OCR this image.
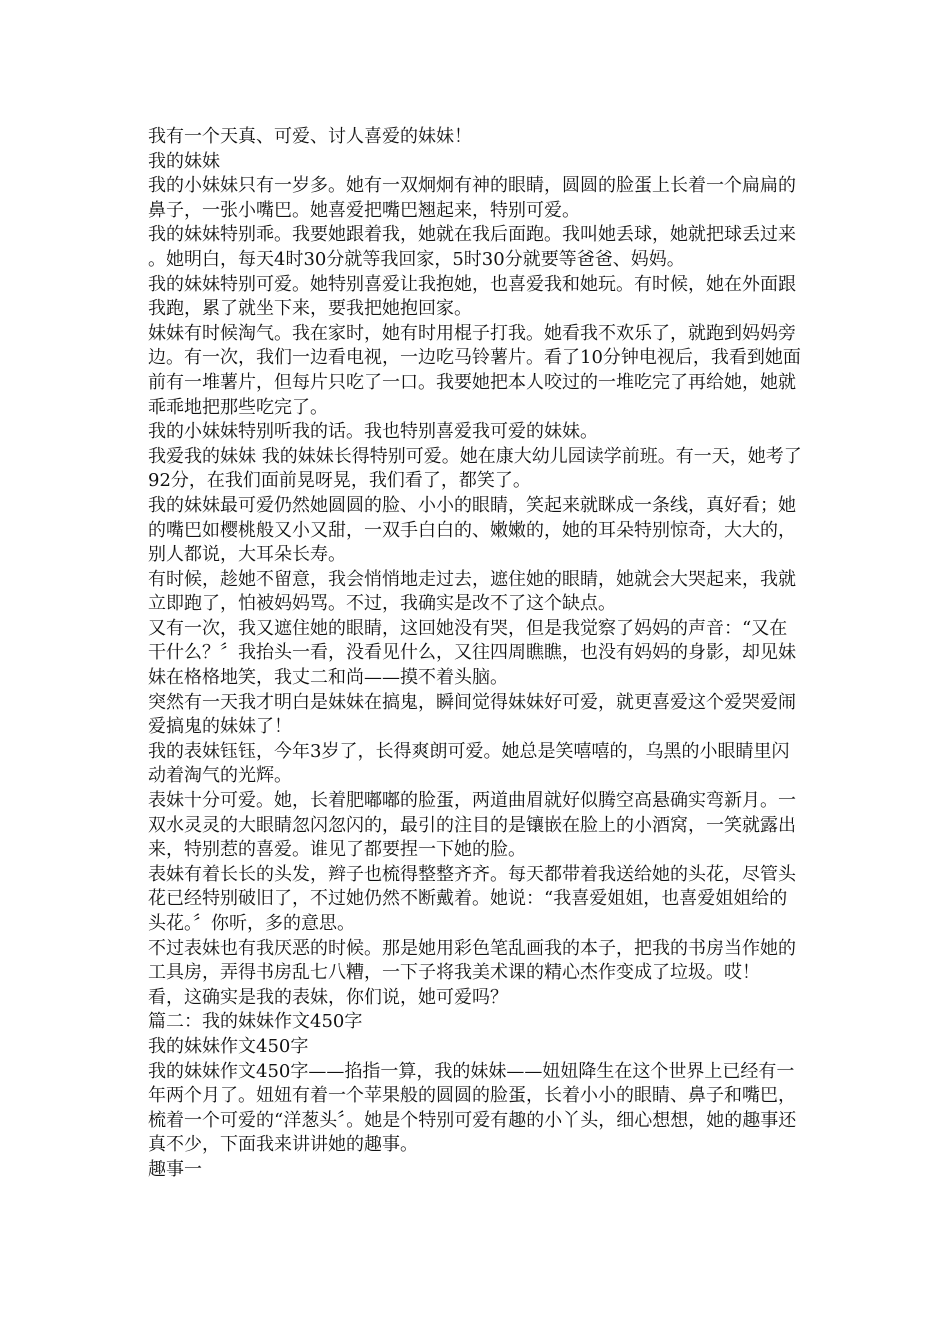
我有一个天真、可爱、讨人喜爱的妹妹！

我的妹妹

我的小妹妹只有一岁多。她有一双炯炯有神的眼睛，圆圆的脸蛋上长着一个扁扁的鼻子，一张小嘴巴。她喜爱把嘴巴翘起来，特别可爱。

我的妹妹特别乖。我要她跟着我，她就在我后面跑。我叫她丢球，她就把球丢过来。她明白，每天4时30分就等我回家，5时30分就要等爸爸、妈妈。

我的妹妹特别可爱。她特别喜爱让我抱她，也喜爱我和她玩。有时候，她在外面跟我跑，累了就坐下来，要我把她抱回家。

妹妹有时候淘气。我在家时，她有时用棍子打我。她看我不欢乐了，就跑到妈妈旁边。有一次，我们一边看电视，一边吃马铃薯片。看了10分钟电视后，我看到她面前有一堆薯片，但每片只吃了一口。我要她把本人咬过的一堆吃完了再给她，她就乖乖地把那些吃完了。

我的小妹妹特别听我的话。我也特别喜爱我可爱的妹妹。

我爱我的妹妹 我的妹妹长得特别可爱。她在康大幼儿园读学前班。有一天，她考了92分，在我们面前晃呀晃，我们看了，都笑了。

我的妹妹最可爱仍然她圆圆的脸、小小的眼睛，笑起来就眯成一条线，真好看；她的嘴巴如樱桃般又小又甜，一双手白白的、嫩嫩的，她的耳朵特别惊奇，大大的，别人都说，大耳朵长寿。

有时候，趁她不留意，我会悄悄地走过去，遮住她的眼睛，她就会大哭起来，我就立即跑了，怕被妈妈骂。不过，我确实是改不了这个缺点。

又有一次，我又遮住她的眼睛，这回她没有哭，但是我觉察了妈妈的声音：“又在干什么？〞我抬头一看，没看见什么，又往四周瞧瞧，也没有妈妈的身影，却见妹妹在格格地笑，我丈二和尚——摸不着头脑。

突然有一天我才明白是妹妹在搞鬼，瞬间觉得妹妹好可爱，就更喜爱这个爱哭爱闹爱搞鬼的妹妹了！

我的表妹钰钰，今年3岁了，长得爽朗可爱。她总是笑嘻嘻的，乌黑的小眼睛里闪动着淘气的光辉。

表妹十分可爱。她，长着肥嘟嘟的脸蛋，两道曲眉就好似腾空高悬确实弯新月。一双水灵灵的大眼睛忽闪忽闪的，最引的注目的是镶嵌在脸上的小酒窝，一笑就露出来，特别惹的喜爱。谁见了都要捏一下她的脸。

表妹有着长长的头发，辫子也梳得整整齐齐。每天都带着我送给她的头花，尽管头花已经特别破旧了，不过她仍然不断戴着。她说：“我喜爱姐姐，也喜爱姐姐给的头花。〞你听，多的意思。

不过表妹也有我厌恶的时候。那是她用彩色笔乱画我的本子，把我的书房当作她的工具房，弄得书房乱七八糟，一下子将我美术课的精心杰作变成了垃圾。哎！

看，这确实是我的表妹，你们说，她可爱吗？

篇二：我的妹妹作文450字

我的妹妹作文450字

我的妹妹作文450字——掐指一算，我的妹妹——妞妞降生在这个世界上已经有一年两个月了。妞妞有着一个苹果般的圆圆的脸蛋，长着小小的眼睛、鼻子和嘴巴，梳着一个可爱的“洋葱头〞。她是个特别可爱有趣的小丫头，细心想想，她的趣事还真不少，下面我来讲讲她的趣事。

趣事一
